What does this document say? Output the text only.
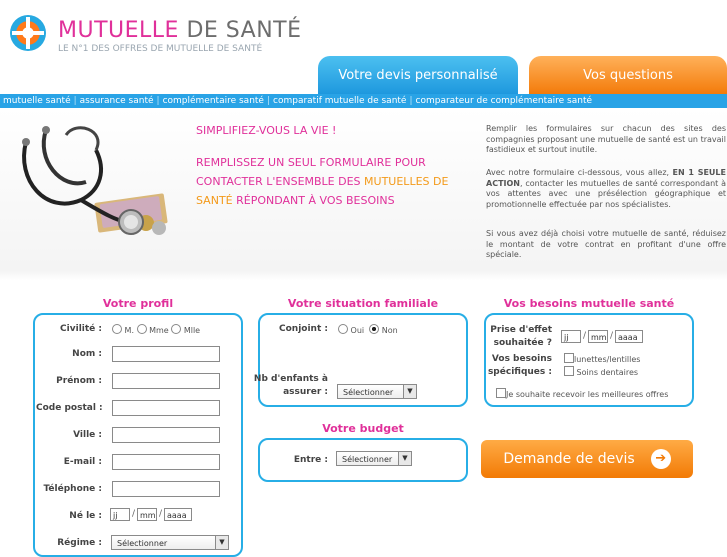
MUTUELLE DE SANTÉ
LE N°1 DES OFFRES DE MUTUELLE DE SANTÉ
Votre devis personnalisé	Vos questions
mutuelle santé | assurance santé | complémentaire santé | comparatif mutuelle de santé | comparateur de complémentaire santé
SIMPLIFIEZ-VOUS LA VIE !
REMPLISSEZ UN SEUL FORMULAIRE POUR CONTACTER L'ENSEMBLE DES MUTUELLES DE SANTÉ RÉPONDANT À VOS BESOINS
Remplir les formulaires sur chacun des sites des compagnies proposant une mutuelle de santé est un travail fastidieux et surtout inutile.
Avec notre formulaire ci-dessous, vous allez, EN 1 SEULE ACTION, contacter les mutuelles de santé correspondant à vos attentes avec une présélection géographique et promotionnelle effectuée par nos spécialistes.
Si vous avez déjà choisi votre mutuelle de santé, réduisez le montant de votre contrat en profitant d'une offre spéciale.
Votre profil
Civilité :	M. Mme Mlle
Nom :
Prénom :
Code postal :
Ville :
E-mail :
Téléphone :
Né le :	jj	/ mm / aaaa
Régime :	Sélectionner	▼
Votre situation familiale
Conjoint :	Oui Non
Nb d'enfants à
assurer :	Sélectionner	▼
Votre budget
Entre :	Sélectionner	▼
Vos besoins mutuelle santé
Prise d'effet
souhaitée ?
jj	/ mm / aaaa
Vos besoins
spécifiques :
lunettes/lentilles
Soins dentaires
Je souhaite recevoir les meilleures offres
Demande de devis	➔
